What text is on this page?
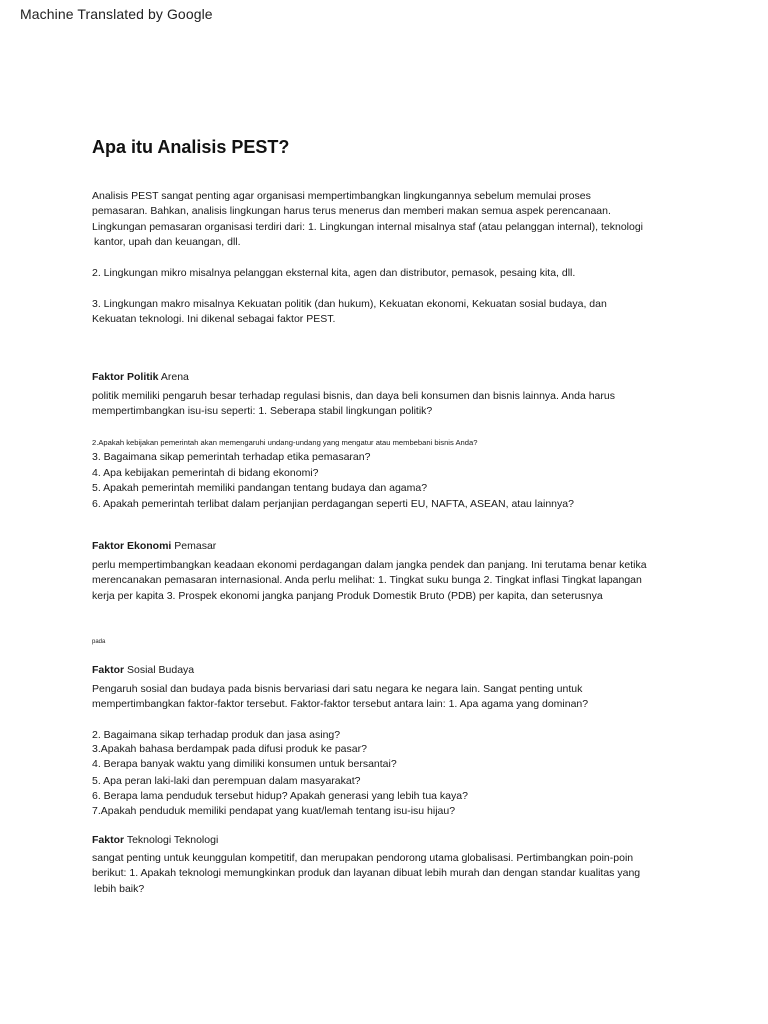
Machine Translated by Google
Apa itu Analisis PEST?
Analisis PEST sangat penting agar organisasi mempertimbangkan lingkungannya sebelum memulai proses
pemasaran. Bahkan, analisis lingkungan harus terus menerus dan memberi makan semua aspek perencanaan.
Lingkungan pemasaran organisasi terdiri dari: 1. Lingkungan internal misalnya staf (atau pelanggan internal), teknologi
kantor, upah dan keuangan, dll.
2. Lingkungan mikro misalnya pelanggan eksternal kita, agen dan distributor, pemasok, pesaing kita, dll.
3. Lingkungan makro misalnya Kekuatan politik (dan hukum), Kekuatan ekonomi, Kekuatan sosial budaya, dan
Kekuatan teknologi. Ini dikenal sebagai faktor PEST.
Faktor Politik Arena
politik memiliki pengaruh besar terhadap regulasi bisnis, dan daya beli konsumen dan bisnis lainnya. Anda harus
mempertimbangkan isu-isu seperti: 1. Seberapa stabil lingkungan politik?
2.Apakah kebijakan pemerintah akan memengaruhi undang-undang yang mengatur atau membebani bisnis Anda?
3. Bagaimana sikap pemerintah terhadap etika pemasaran?
4. Apa kebijakan pemerintah di bidang ekonomi?
5. Apakah pemerintah memiliki pandangan tentang budaya dan agama?
6. Apakah pemerintah terlibat dalam perjanjian perdagangan seperti EU, NAFTA, ASEAN, atau lainnya?
Faktor Ekonomi Pemasar
perlu mempertimbangkan keadaan ekonomi perdagangan dalam jangka pendek dan panjang. Ini terutama benar ketika
merencanakan pemasaran internasional. Anda perlu melihat: 1. Tingkat suku bunga 2. Tingkat inflasi Tingkat lapangan
kerja per kapita 3. Prospek ekonomi jangka panjang Produk Domestik Bruto (PDB) per kapita, dan seterusnya
pada
Faktor Sosial Budaya
Pengaruh sosial dan budaya pada bisnis bervariasi dari satu negara ke negara lain. Sangat penting untuk
mempertimbangkan faktor-faktor tersebut. Faktor-faktor tersebut antara lain: 1. Apa agama yang dominan?
2. Bagaimana sikap terhadap produk dan jasa asing?
3.Apakah bahasa berdampak pada difusi produk ke pasar?
4. Berapa banyak waktu yang dimiliki konsumen untuk bersantai?
5. Apa peran laki-laki dan perempuan dalam masyarakat?
6. Berapa lama penduduk tersebut hidup? Apakah generasi yang lebih tua kaya?
7.Apakah penduduk memiliki pendapat yang kuat/lemah tentang isu-isu hijau?
Faktor Teknologi Teknologi
sangat penting untuk keunggulan kompetitif, dan merupakan pendorong utama globalisasi. Pertimbangkan poin-poin
berikut: 1. Apakah teknologi memungkinkan produk dan layanan dibuat lebih murah dan dengan standar kualitas yang
lebih baik?
